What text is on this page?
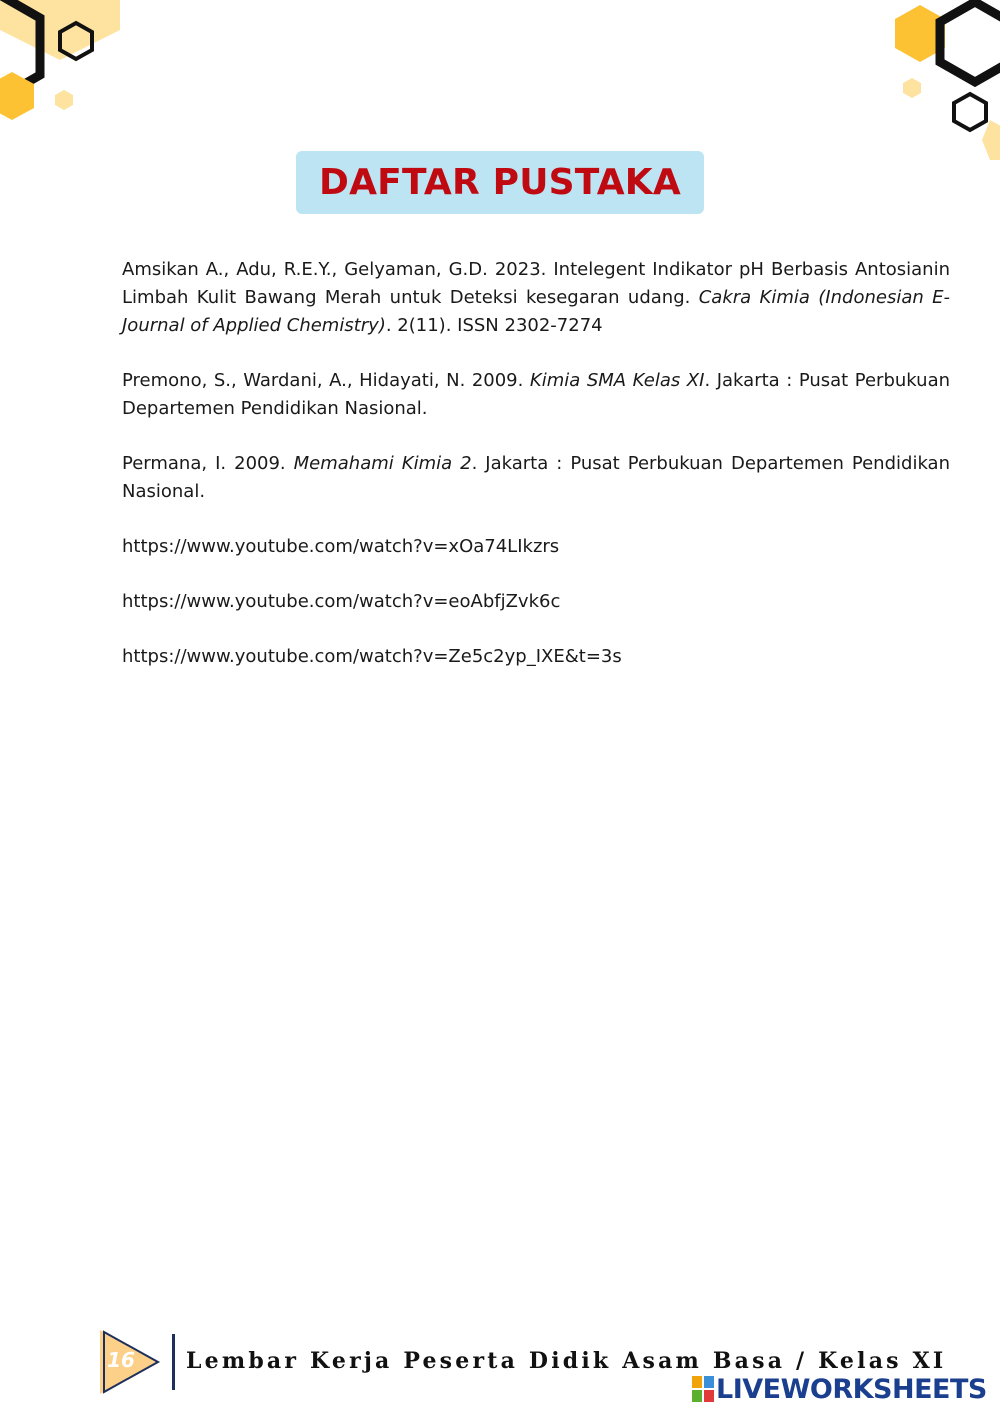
DAFTAR PUSTAKA

Amsikan A., Adu, R.E.Y., Gelyaman, G.D. 2023. Intelegent Indikator pH Berbasis Antosianin Limbah Kulit Bawang Merah untuk Deteksi kesegaran udang. Cakra Kimia (Indonesian E-Journal of Applied Chemistry). 2(11). ISSN 2302-7274

Premono, S., Wardani, A., Hidayati, N. 2009. Kimia SMA Kelas XI. Jakarta : Pusat Perbukuan Departemen Pendidikan Nasional.

Permana, I. 2009. Memahami Kimia 2. Jakarta : Pusat Perbukuan Departemen Pendidikan Nasional.

https://www.youtube.com/watch?v=xOa74LIkzrs

https://www.youtube.com/watch?v=eoAbfjZvk6c

https://www.youtube.com/watch?v=Ze5c2yp_IXE&t=3s

16 Lembar Kerja Peserta Didik Asam Basa / Kelas XI
LIVEWORKSHEETS
